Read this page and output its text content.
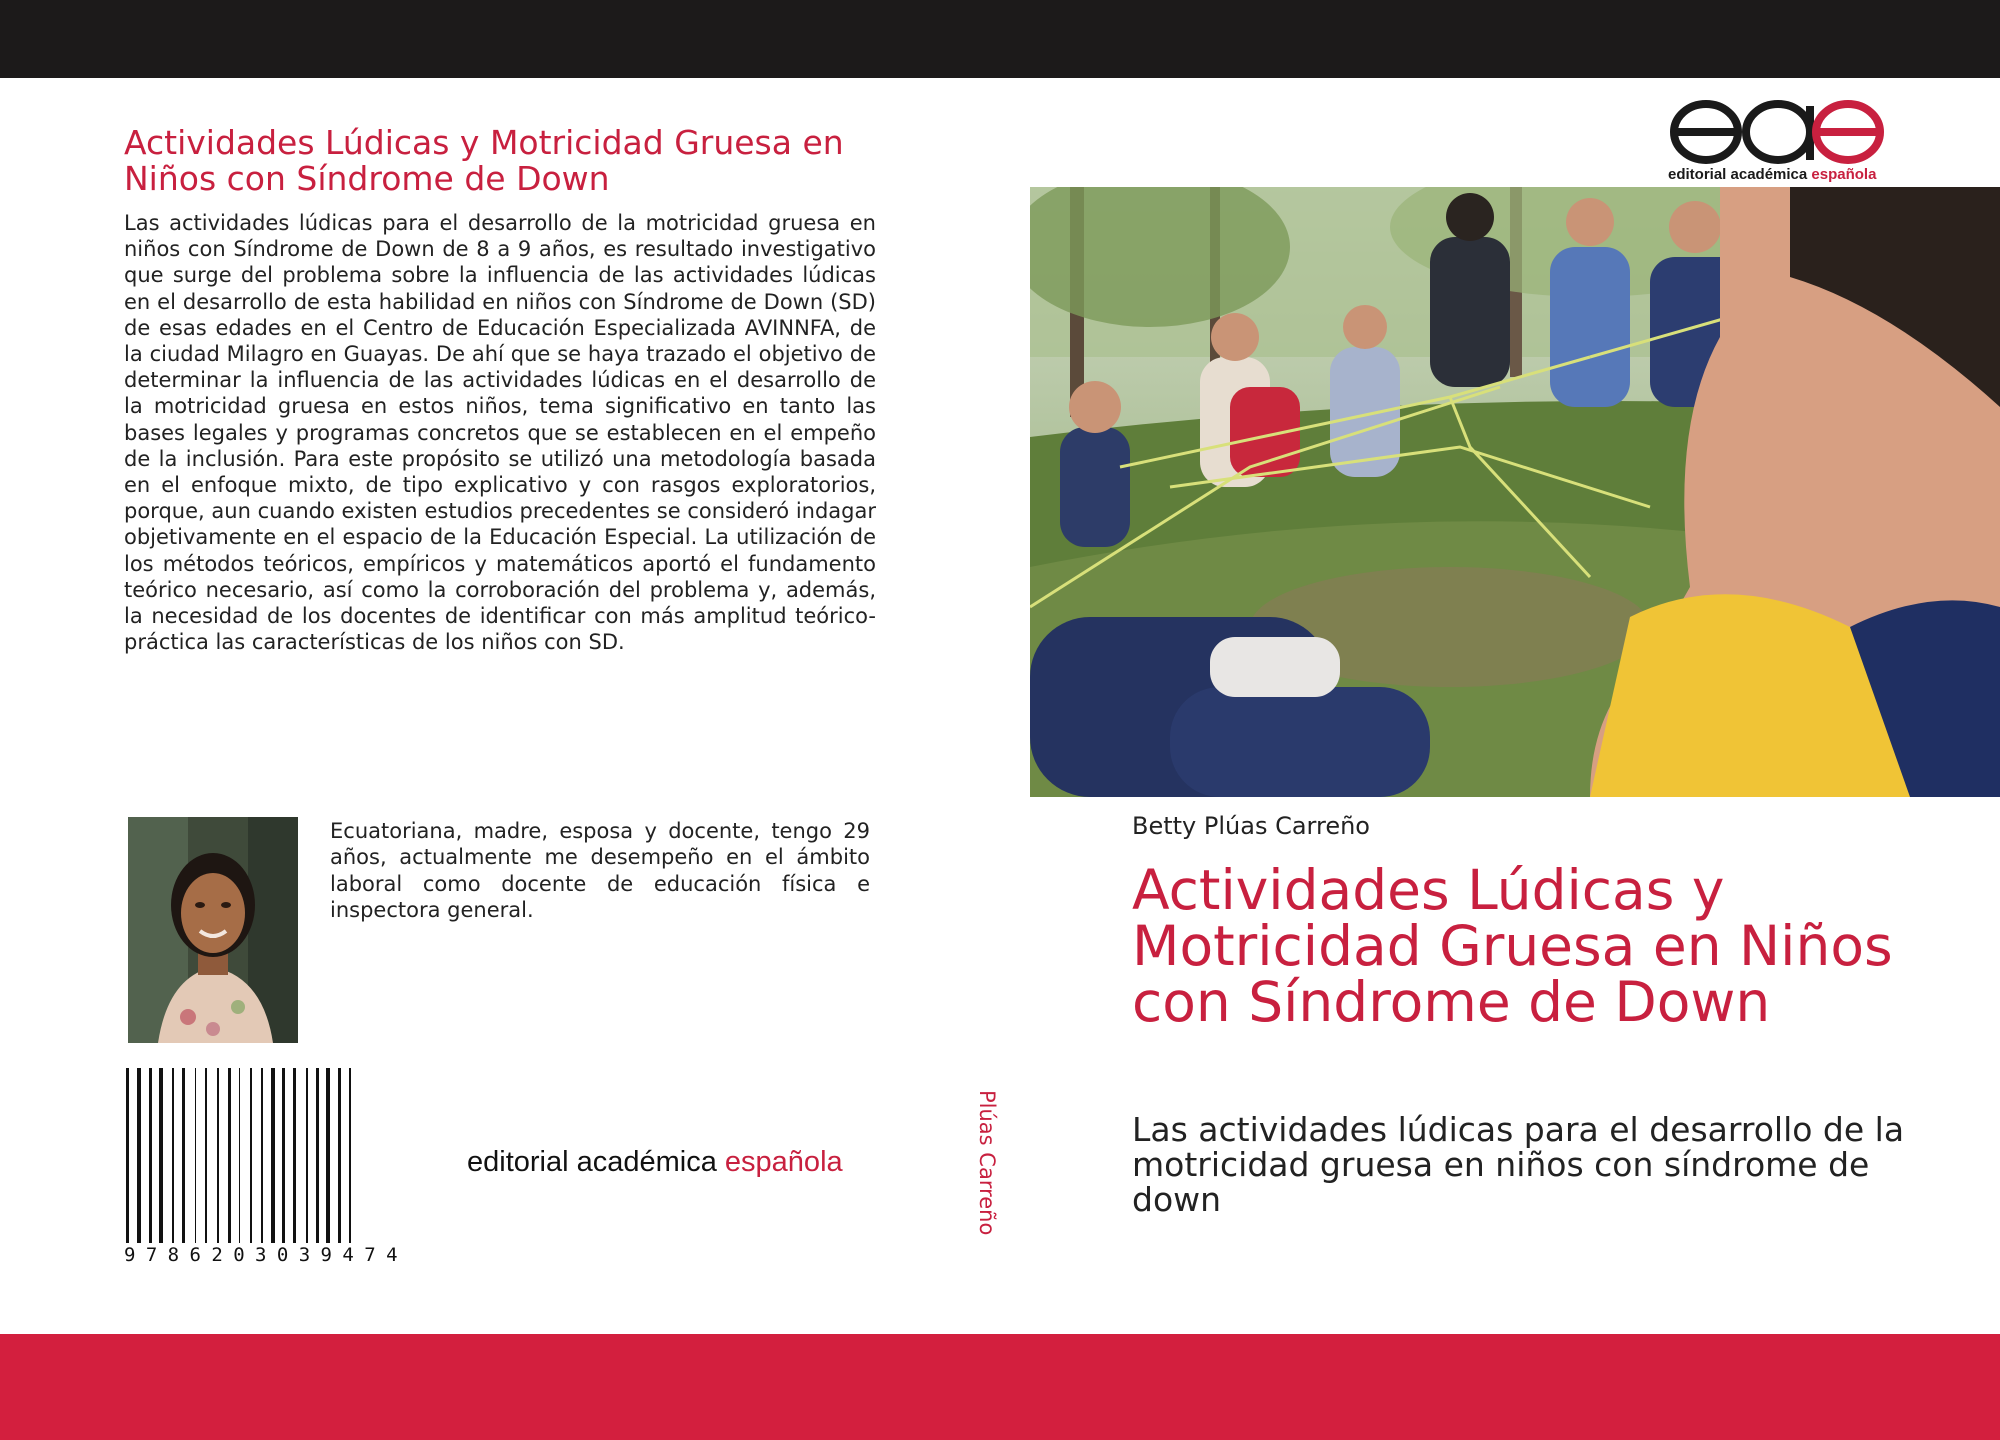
Actividades Lúdicas y Motricidad Gruesa en Niños con Síndrome de Down
Las actividades lúdicas para el desarrollo de la motricidad gruesa en niños con Síndrome de Down de 8 a 9 años, es resultado investigativo que surge del problema sobre la influencia de las actividades lúdicas en el desarrollo de esta habilidad en niños con Síndrome de Down (SD) de esas edades en el Centro de Educación Especializada AVINNFA, de la ciudad Milagro en Guayas. De ahí que se haya trazado el objetivo de determinar la influencia de las actividades lúdicas en el desarrollo de la motricidad gruesa en estos niños, tema significativo en tanto las bases legales y programas concretos que se establecen en el empeño de la inclusión. Para este propósito se utilizó una metodología basada en el enfoque mixto, de tipo explicativo y con rasgos exploratorios, porque, aun cuando existen estudios precedentes se consideró indagar objetivamente en el espacio de la Educación Especial. La utilización de los métodos teóricos, empíricos y matemáticos aportó el fundamento teórico necesario, así como la corroboración del problema y, además, la necesidad de los docentes de identificar con más amplitud teórico-práctica las características de los niños con SD.
Ecuatoriana, madre, esposa y docente, tengo 29 años, actualmente me desempeño en el ámbito laboral como docente de educación física e inspectora general.
9786203039474
editorial académica española	Plúas Carreño
editorial académica española
Betty Plúas Carreño
Actividades Lúdicas y Motricidad Gruesa en Niños con Síndrome de Down
Las actividades lúdicas para el desarrollo de la motricidad gruesa en niños con síndrome de down
